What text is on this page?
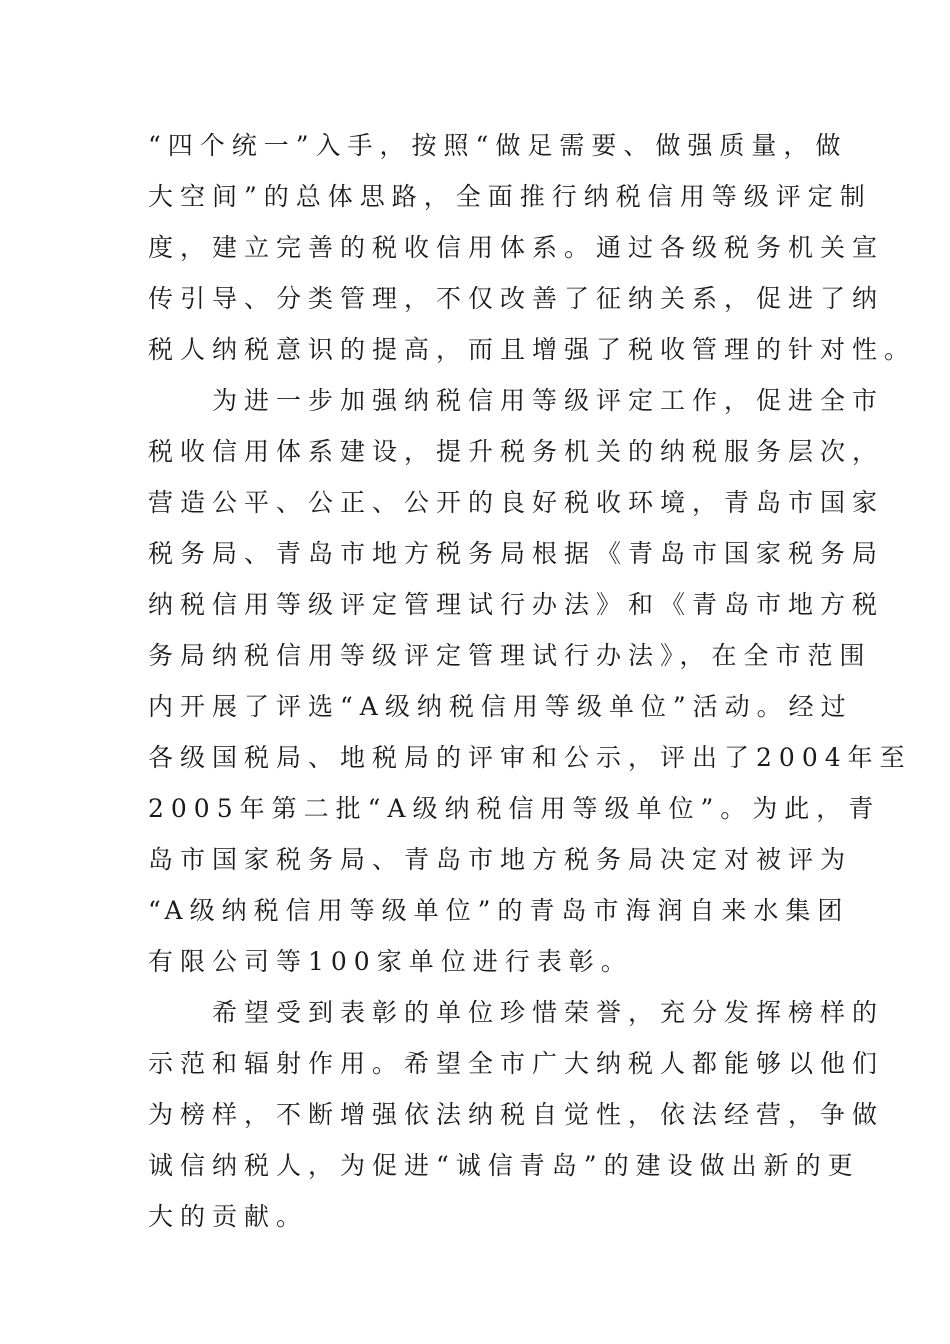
“四个统一”入手，按照“做足需要、做强质量，做
大空间”的总体思路，全面推行纳税信用等级评定制
度，建立完善的税收信用体系。通过各级税务机关宣
传引导、分类管理，不仅改善了征纳关系，促进了纳
税人纳税意识的提高，而且增强了税收管理的针对性。
　　为进一步加强纳税信用等级评定工作，促进全市
税收信用体系建设，提升税务机关的纳税服务层次，
营造公平、公正、公开的良好税收环境，青岛市国家
税务局、青岛市地方税务局根据《青岛市国家税务局
纳税信用等级评定管理试行办法》和《青岛市地方税
务局纳税信用等级评定管理试行办法》，在全市范围
内开展了评选“A级纳税信用等级单位”活动。经过
各级国税局、地税局的评审和公示，评出了2004年至
2005年第二批“A级纳税信用等级单位”。为此，青
岛市国家税务局、青岛市地方税务局决定对被评为
“A级纳税信用等级单位”的青岛市海润自来水集团
有限公司等100家单位进行表彰。
　　希望受到表彰的单位珍惜荣誉，充分发挥榜样的
示范和辐射作用。希望全市广大纳税人都能够以他们
为榜样，不断增强依法纳税自觉性，依法经营，争做
诚信纳税人，为促进“诚信青岛”的建设做出新的更
大的贡献。
